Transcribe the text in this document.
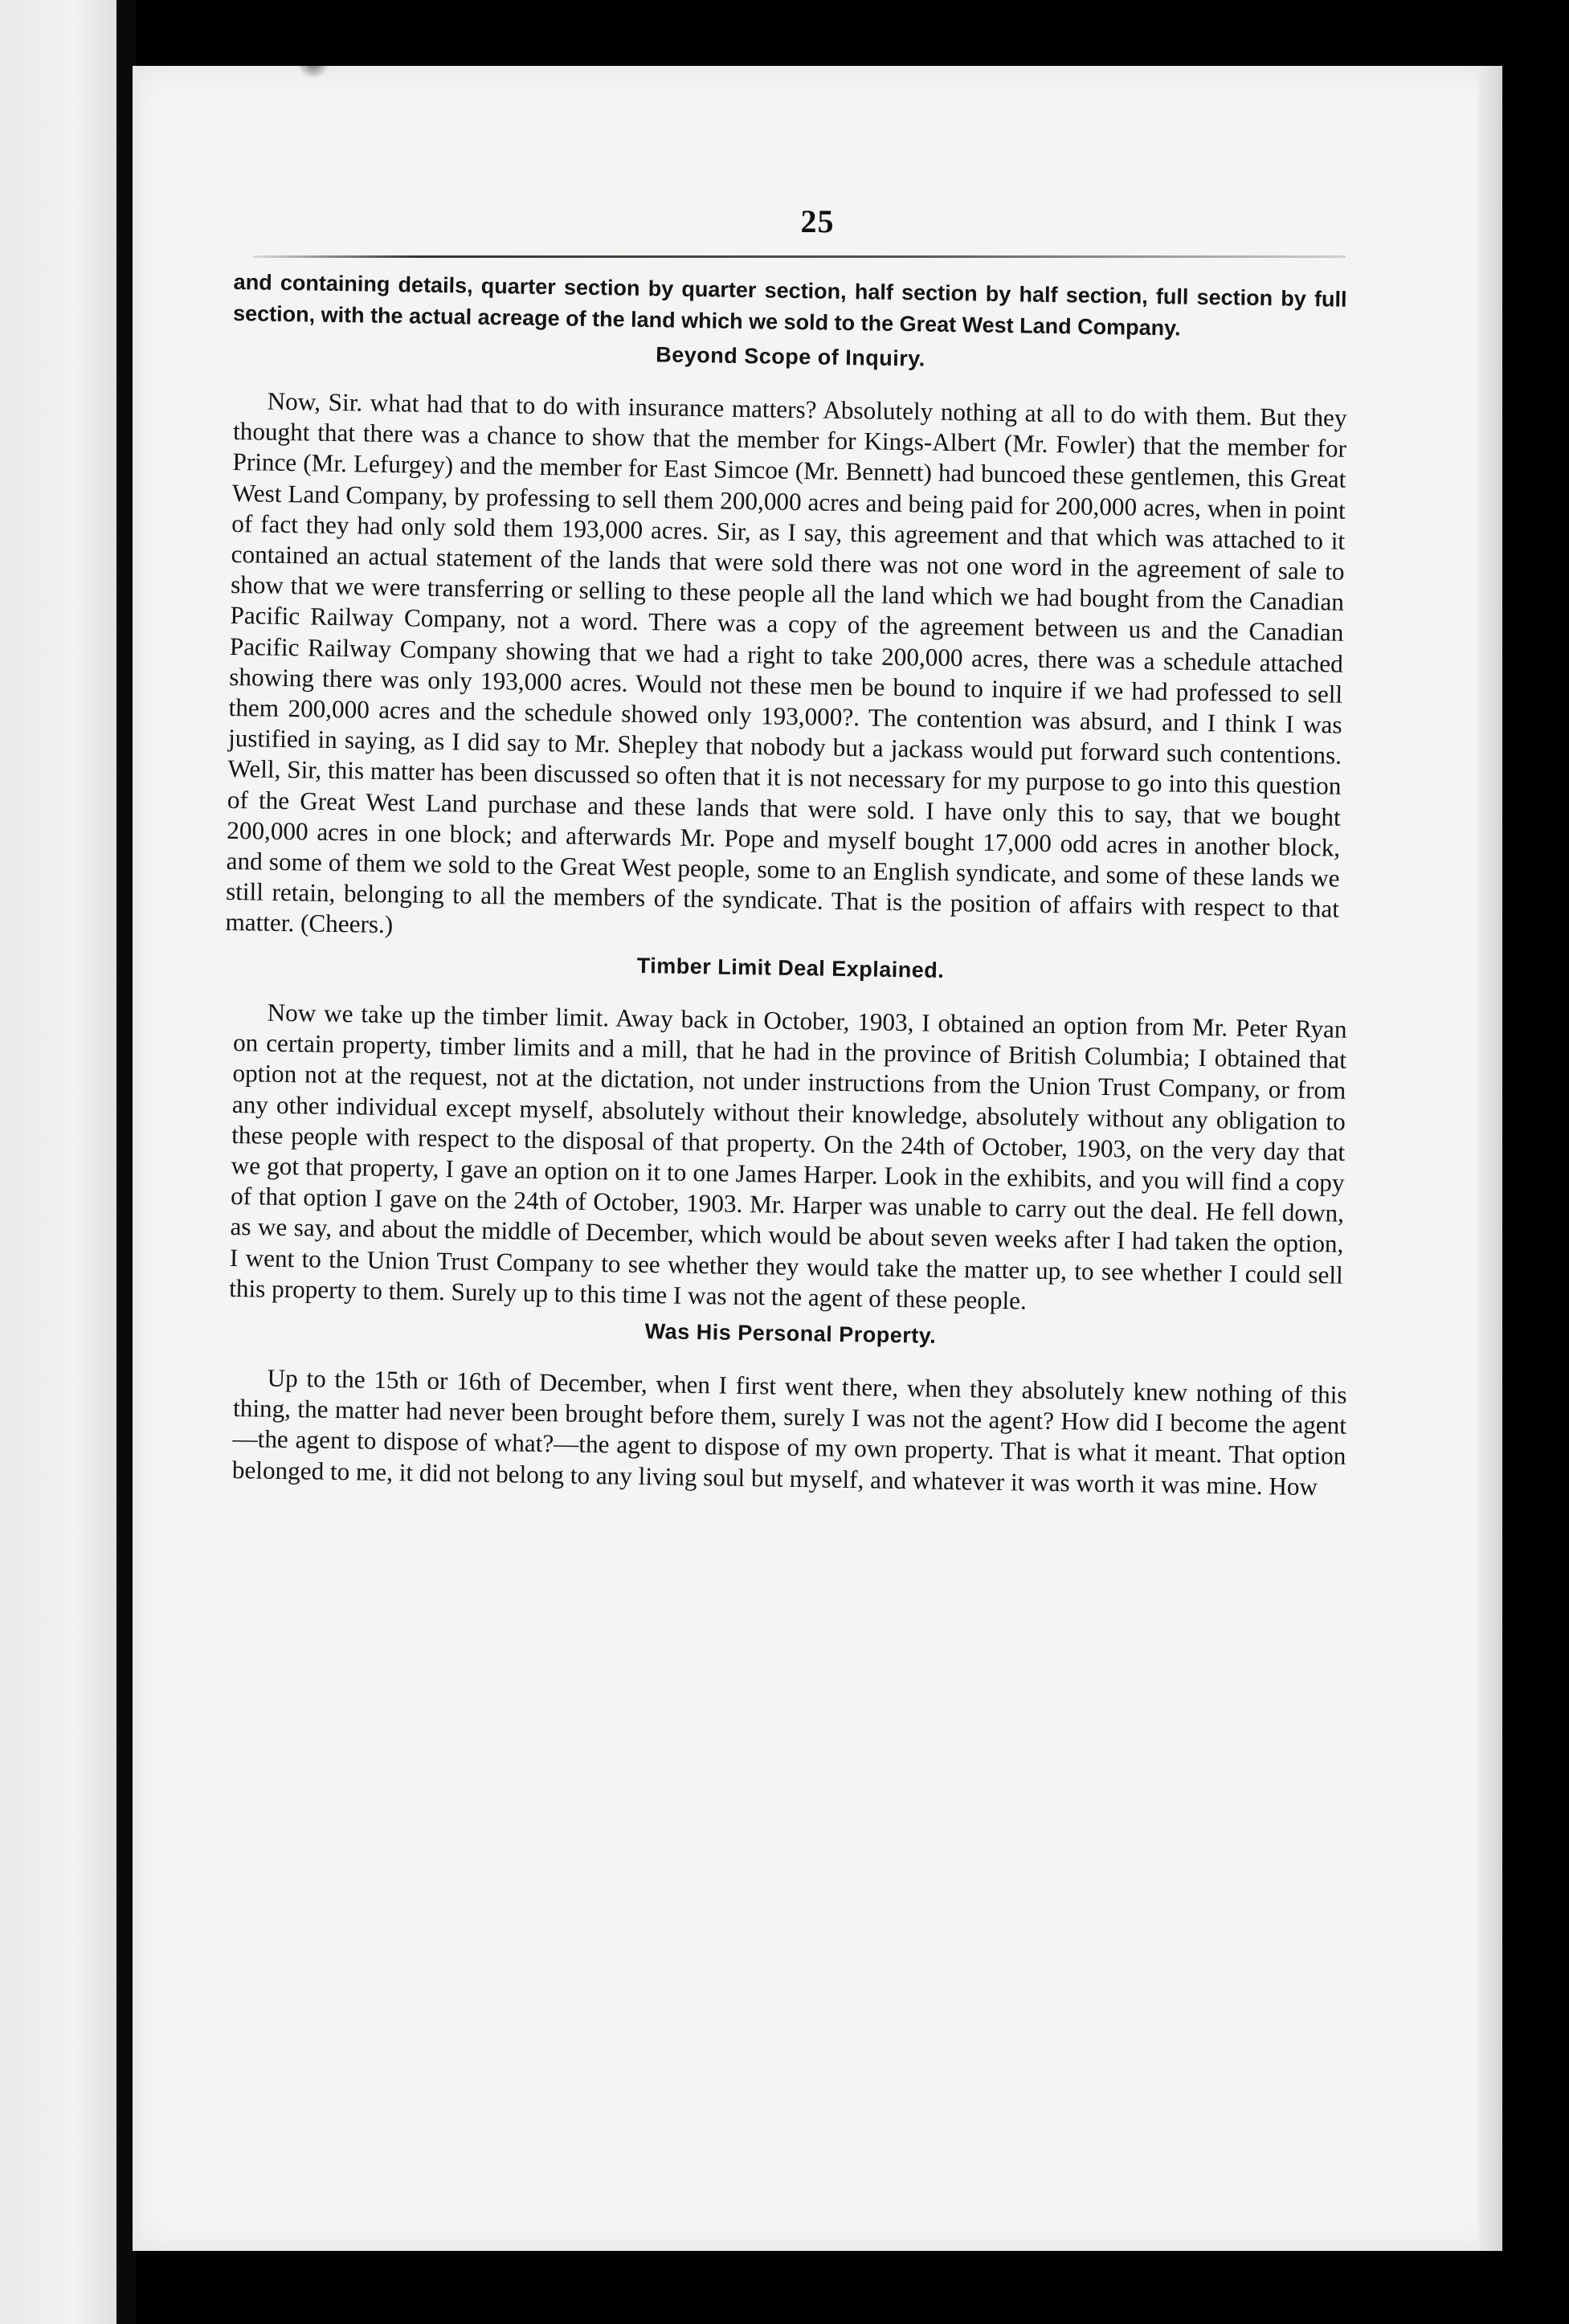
25

and containing details, quarter section by quarter section, half section by half section, full section by full section, with the actual acreage of the land which we sold to the Great West Land Company.

Beyond Scope of Inquiry.

Now, Sir. what had that to do with insurance matters? Absolutely nothing at all to do with them. But they thought that there was a chance to show that the member for Kings-Albert (Mr. Fowler) that the member for Prince (Mr. Lefurgey) and the member for East Simcoe (Mr. Bennett) had buncoed these gentlemen, this Great West Land Company, by professing to sell them 200,000 acres and being paid for 200,000 acres, when in point of fact they had only sold them 193,000 acres. Sir, as I say, this agreement and that which was attached to it contained an actual statement of the lands that were sold there was not one word in the agreement of sale to show that we were transferring or selling to these people all the land which we had bought from the Canadian Pacific Railway Company, not a word. There was a copy of the agreement between us and the Canadian Pacific Railway Company showing that we had a right to take 200,000 acres, there was a schedule attached showing there was only 193,000 acres. Would not these men be bound to inquire if we had professed to sell them 200,000 acres and the schedule showed only 193,000?. The contention was absurd, and I think I was justified in saying, as I did say to Mr. Shepley that nobody but a jackass would put forward such contentions. Well, Sir, this matter has been discussed so often that it is not necessary for my purpose to go into this question of the Great West Land purchase and these lands that were sold. I have only this to say, that we bought 200,000 acres in one block; and afterwards Mr. Pope and myself bought 17,000 odd acres in another block, and some of them we sold to the Great West people, some to an English syndicate, and some of these lands we still retain, belonging to all the members of the syndicate. That is the position of affairs with respect to that matter. (Cheers.)

Timber Limit Deal Explained.

Now we take up the timber limit. Away back in October, 1903, I obtained an option from Mr. Peter Ryan on certain property, timber limits and a mill, that he had in the province of British Columbia; I obtained that option not at the request, not at the dictation, not under instructions from the Union Trust Company, or from any other individual except myself, absolutely without their knowledge, absolutely without any obligation to these people with respect to the disposal of that property. On the 24th of October, 1903, on the very day that we got that property, I gave an option on it to one James Harper. Look in the exhibits, and you will find a copy of that option I gave on the 24th of October, 1903. Mr. Harper was unable to carry out the deal. He fell down, as we say, and about the middle of December, which would be about seven weeks after I had taken the option, I went to the Union Trust Company to see whether they would take the matter up, to see whether I could sell this property to them. Surely up to this time I was not the agent of these people.

Was His Personal Property.

Up to the 15th or 16th of December, when I first went there, when they absolutely knew nothing of this thing, the matter had never been brought before them, surely I was not the agent? How did I become the agent—the agent to dispose of what?—the agent to dispose of my own property. That is what it meant. That option belonged to me, it did not belong to any living soul but myself, and whatever it was worth it was mine. How
